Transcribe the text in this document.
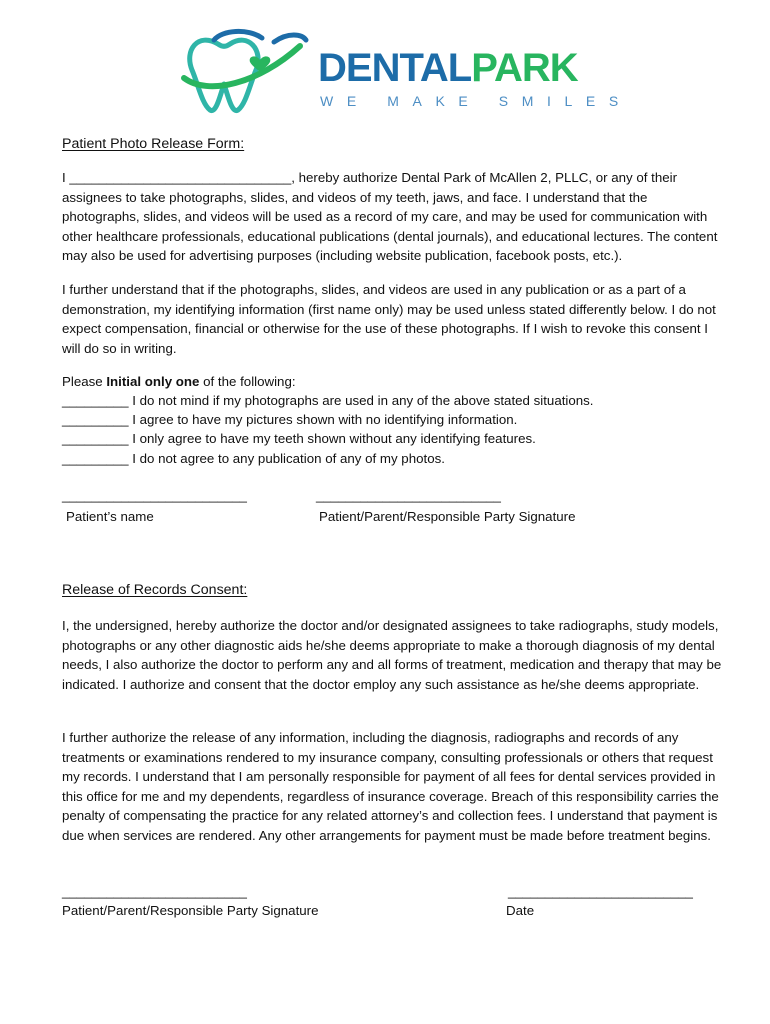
DENTALPARK
WE MAKE SMILES
Patient Photo Release Form:

I ______________________________, hereby authorize Dental Park of McAllen 2, PLLC, or any of their assignees to take photographs, slides, and videos of my teeth, jaws, and face. I understand that the photographs, slides, and videos will be used as a record of my care, and may be used for communication with other healthcare professionals, educational publications (dental journals), and educational lectures. The content may also be used for advertising purposes (including website publication, facebook posts, etc.).

I further understand that if the photographs, slides, and videos are used in any publication or as a part of a demonstration, my identifying information (first name only) may be used unless stated differently below. I do not expect compensation, financial or otherwise for the use of these photographs. If I wish to revoke this consent I will do so in writing.

Please Initial only one of the following:
_________ I do not mind if my photographs are used in any of the above stated situations.
_________ I agree to have my pictures shown with no identifying information.
_________ I only agree to have my teeth shown without any identifying features.
_________ I do not agree to any publication of any of my photos.
_________________________	_________________________
Patient’s name	Patient/Parent/Responsible Party Signature
Release of Records Consent:

I, the undersigned, hereby authorize the doctor and/or designated assignees to take radiographs, study models, photographs or any other diagnostic aids he/she deems appropriate to make a thorough diagnosis of my dental needs, I also authorize the doctor to perform any and all forms of treatment, medication and therapy that may be indicated. I authorize and consent that the doctor employ any such assistance as he/she deems appropriate.

I further authorize the release of any information, including the diagnosis, radiographs and records of any treatments or examinations rendered to my insurance company, consulting professionals or others that request my records. I understand that I am personally responsible for payment of all fees for dental services provided in this office for me and my dependents, regardless of insurance coverage. Breach of this responsibility carries the penalty of compensating the practice for any related attorney’s and collection fees. I understand that payment is due when services are rendered. Any other arrangements for payment must be made before treatment begins.

_________________________	_________________________
Patient/Parent/Responsible Party Signature	Date
